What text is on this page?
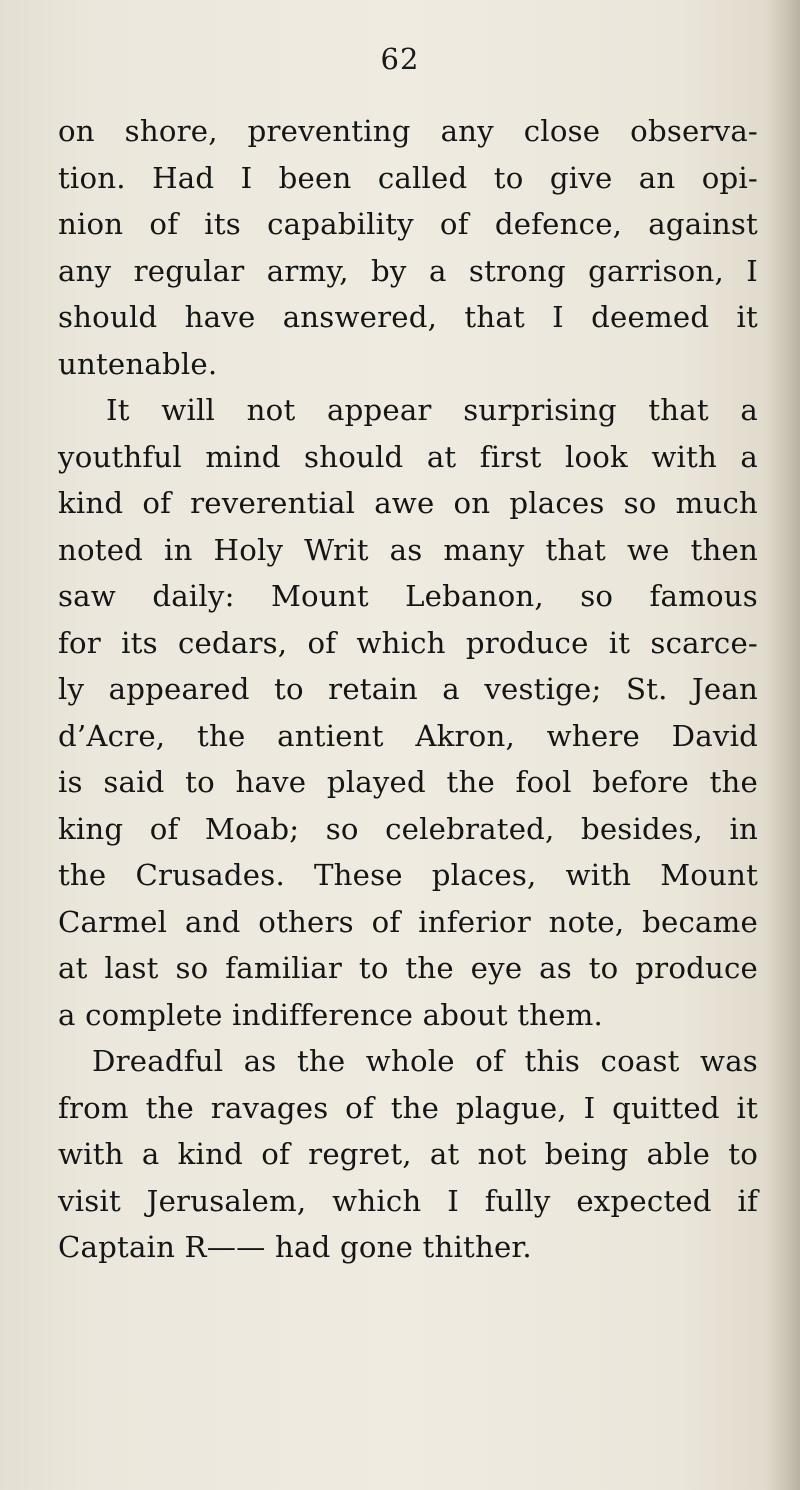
62
on shore, preventing any close observa-
tion. Had I been called to give an opi-
nion of its capability of defence, against
any regular army, by a strong garrison, I
should have answered, that I deemed it
untenable.
It will not appear surprising that a
youthful mind should at first look with a
kind of reverential awe on places so much
noted in Holy Writ as many that we then
saw daily: Mount Lebanon, so famous
for its cedars, of which produce it scarce-
ly appeared to retain a vestige; St. Jean
d’Acre, the antient Akron, where David
is said to have played the fool before the
king of Moab; so celebrated, besides, in
the Crusades. These places, with Mount
Carmel and others of inferior note, became
at last so familiar to the eye as to produce
a complete indifference about them.
Dreadful as the whole of this coast was
from the ravages of the plague, I quitted it
with a kind of regret, at not being able to
visit Jerusalem, which I fully expected if
Captain R—— had gone thither.
